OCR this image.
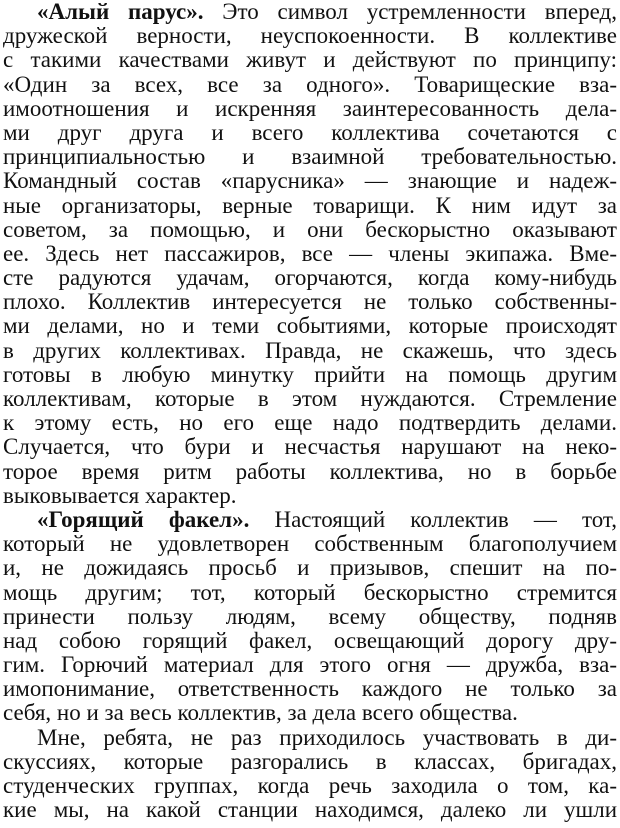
«Алый парус». Это символ устремленности вперед,
дружеской верности, неуспокоенности. В коллективе
с такими качествами живут и действуют по принципу:
«Один за всех, все за одного». Товарищеские вза-
имоотношения и искренняя заинтересованность дела-
ми друг друга и всего коллектива сочетаются с
принципиальностью и взаимной требовательностью.
Командный состав «парусника» — знающие и надеж-
ные организаторы, верные товарищи. К ним идут за
советом, за помощью, и они бескорыстно оказывают
ее. Здесь нет пассажиров, все — члены экипажа. Вме-
сте радуются удачам, огорчаются, когда кому-нибудь
плохо. Коллектив интересуется не только собственны-
ми делами, но и теми событиями, которые происходят
в других коллективах. Правда, не скажешь, что здесь
готовы в любую минутку прийти на помощь другим
коллективам, которые в этом нуждаются. Стремление
к этому есть, но его еще надо подтвердить делами.
Случается, что бури и несчастья нарушают на неко-
торое время ритм работы коллектива, но в борьбе
выковывается характер.
«Горящий факел». Настоящий коллектив — тот,
который не удовлетворен собственным благополучием
и, не дожидаясь просьб и призывов, спешит на по-
мощь другим; тот, который бескорыстно стремится
принести пользу людям, всему обществу, подняв
над собою горящий факел, освещающий дорогу дру-
гим. Горючий материал для этого огня — дружба, вза-
имопонимание, ответственность каждого не только за
себя, но и за весь коллектив, за дела всего общества.
Мне, ребята, не раз приходилось участвовать в ди-
скуссиях, которые разгорались в классах, бригадах,
студенческих группах, когда речь заходила о том, ка-
кие мы, на какой станции находимся, далеко ли ушли
